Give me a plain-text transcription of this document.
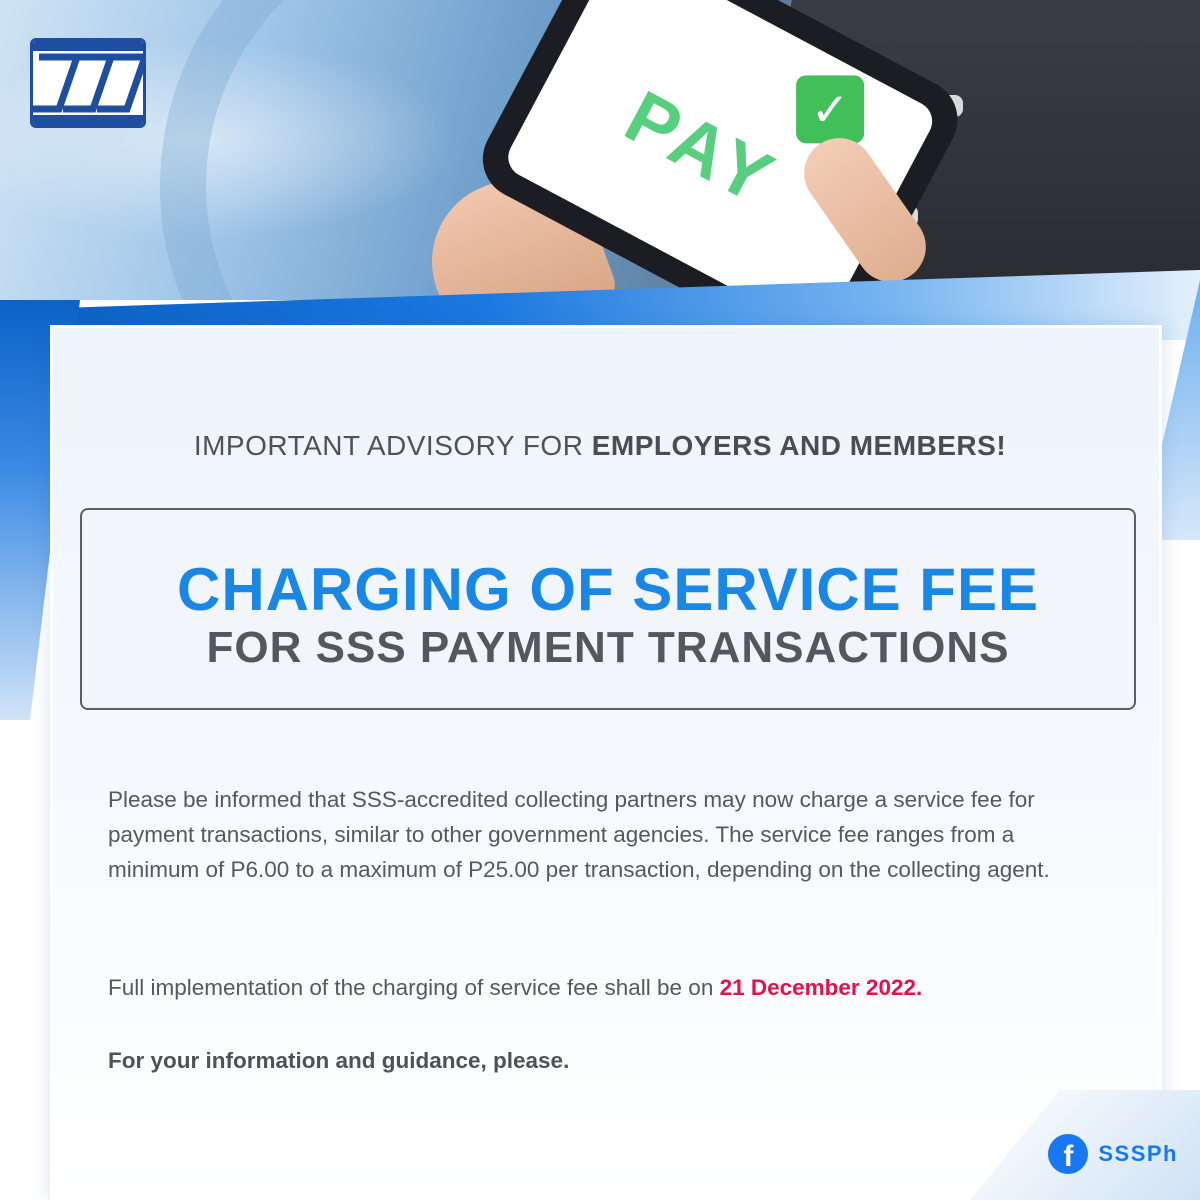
✓
PAY
IMPORTANT ADVISORY FOR EMPLOYERS AND MEMBERS!
CHARGING OF SERVICE FEE
FOR SSS PAYMENT TRANSACTIONS
Please be informed that SSS-accredited collecting partners may now charge a service fee for payment transactions, similar to other government agencies. The service fee ranges from a minimum of P6.00 to a maximum of P25.00 per transaction, depending on the collecting agent.
Full implementation of the charging of service fee shall be on 21 December 2022.
For your information and guidance, please.
f	SSSPh
